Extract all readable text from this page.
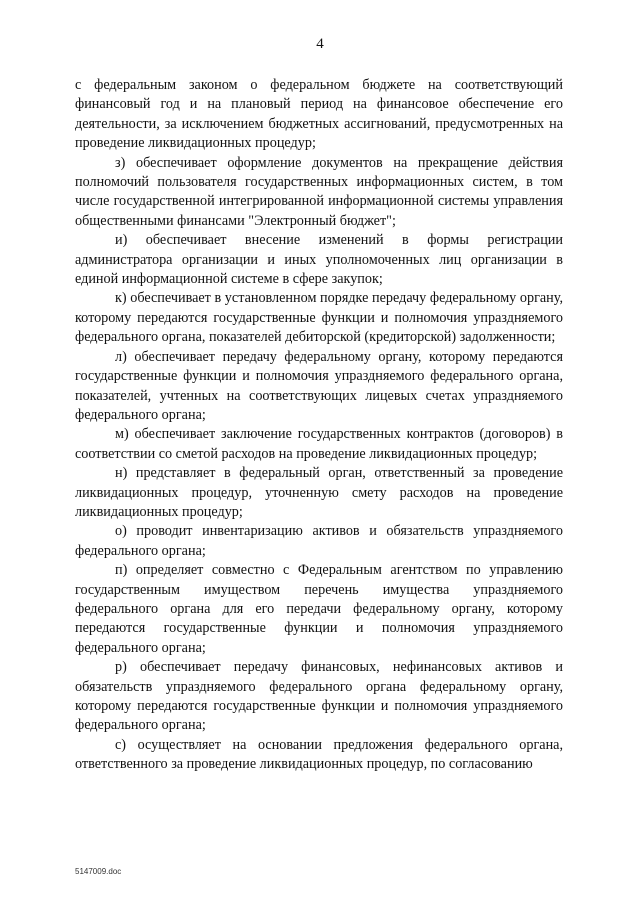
4

с федеральным законом о федеральном бюджете на соответствующий финансовый год и на плановый период на финансовое обеспечение его деятельности, за исключением бюджетных ассигнований, предусмотренных на проведение ликвидационных процедур;

з) обеспечивает оформление документов на прекращение действия полномочий пользователя государственных информационных систем, в том числе государственной интегрированной информационной системы управления общественными финансами "Электронный бюджет";

и) обеспечивает внесение изменений в формы регистрации администратора организации и иных уполномоченных лиц организации в единой информационной системе в сфере закупок;

к) обеспечивает в установленном порядке передачу федеральному органу, которому передаются государственные функции и полномочия упраздняемого федерального органа, показателей дебиторской (кредиторской) задолженности;

л) обеспечивает передачу федеральному органу, которому передаются государственные функции и полномочия упраздняемого федерального органа, показателей, учтенных на соответствующих лицевых счетах упраздняемого федерального органа;

м) обеспечивает заключение государственных контрактов (договоров) в соответствии со сметой расходов на проведение ликвидационных процедур;

н) представляет в федеральный орган, ответственный за проведение ликвидационных процедур, уточненную смету расходов на проведение ликвидационных процедур;

о) проводит инвентаризацию активов и обязательств упраздняемого федерального органа;

п) определяет совместно с Федеральным агентством по управлению государственным имуществом перечень имущества упраздняемого федерального органа для его передачи федеральному органу, которому передаются государственные функции и полномочия упраздняемого федерального органа;

р) обеспечивает передачу финансовых, нефинансовых активов и обязательств упраздняемого федерального органа федеральному органу, которому передаются государственные функции и полномочия упраздняемого федерального органа;

с) осуществляет на основании предложения федерального органа, ответственного за проведение ликвидационных процедур, по согласованию

5147009.doc
